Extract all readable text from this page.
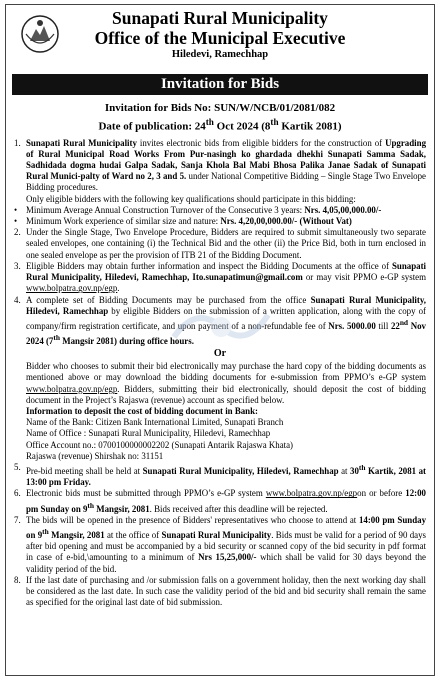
Sunapati Rural Municipality
Office of the Municipal Executive
Hiledevi, Ramechhap
Invitation for Bids
Invitation for Bids No: SUN/W/NCB/01/2081/082
Date of publication: 24th Oct 2024 (8th Kartik 2081)
1. Sunapati Rural Municipality invites electronic bids from eligible bidders for the construction of Upgrading of Rural Municipal Road Works From Pur-nasingh ko ghardada dhekhi Sunapati Samma Sadak, Sadhidada dogma hudai Galpa Sadak, Sanja Khola Bal Mabi Bhosa Palika Janae Sadak of Sunapati Rural Munici-palty of Ward no 2, 3 and 5. under National Competitive Bidding – Single Stage Two Envelope Bidding procedures.
Only eligible bidders with the following key qualifications should participate in this bidding:
• Minimum Average Annual Construction Turnover of the Consecutive 3 years: Nrs. 4,05,00,000.00/-
• Minimum Work experience of similar size and nature: Nrs. 4,20,00,000.00/- (Without Vat)
2. Under the Single Stage, Two Envelope Procedure, Bidders are required to submit simultaneously two separate sealed envelopes, one containing (i) the Technical Bid and the other (ii) the Price Bid, both in turn enclosed in one sealed envelope as per the provision of ITB 21 of the Bidding Document.
3. Eligible Bidders may obtain further information and inspect the Bidding Documents at the office of Sunapati Rural Municipality, Hiledevi, Ramechhap, Ito.sunapatimun@gmail.com or may visit PPMO e-GP system www.bolpatra.gov.np/egp.
4. A complete set of Bidding Documents may be purchased from the office Sunapati Rural Municipality, Hiledevi, Ramechhap by eligible Bidders on the submission of a written application, along with the copy of company/firm registration certificate, and upon payment of a non-refundable fee of Nrs. 5000.00 till 22nd Nov 2024 (7th Mangsir 2081) during office hours.
Or
Bidder who chooses to submit their bid electronically may purchase the hard copy of the bidding documents as mentioned above or may download the bidding documents for e-submission from PPMO’s e-GP system www.bolpatra.gov.np/egp. Bidders, submitting their bid electronically, should deposit the cost of bidding document in the Project’s Rajaswa (revenue) account as specified below.
Information to deposit the cost of bidding document in Bank:
Name of the Bank: Citizen Bank International Limited, Sunapati Branch
Name of Office : Sunapati Rural Municipality, Hiledevi, Ramechhap
Office Account no.: 0700100000002202 (Sunapati Antarik Rajaswa Khata)
Rajaswa (revenue) Shirshak no: 31151
5. Pre-bid meeting shall be held at Sunapati Rural Municipality, Hiledevi, Ramechhap at 30th Kartik, 2081 at 13:00 pm Friday.
6. Electronic bids must be submitted through PPMO’s e-GP system www.bolpatra.gov.np/egpon or before 12:00 pm Sunday on 9th Mangsir, 2081. Bids received after this deadline will be rejected.
7. The bids will be opened in the presence of Bidders' representatives who choose to attend at 14:00 pm Sunday on 9th Mangsir, 2081 at the office of Sunapati Rural Municipality. Bids must be valid for a period of 90 days after bid opening and must be accompanied by a bid security or scanned copy of the bid security in pdf format in case of e-bid,\amounting to a minimum of Nrs 15,25,000/- which shall be valid for 30 days beyond the validity period of the bid.
8. If the last date of purchasing and /or submission falls on a government holiday, then the next working day shall be considered as the last date. In such case the validity period of the bid and bid security shall remain the same as specified for the original last date of bid submission.
